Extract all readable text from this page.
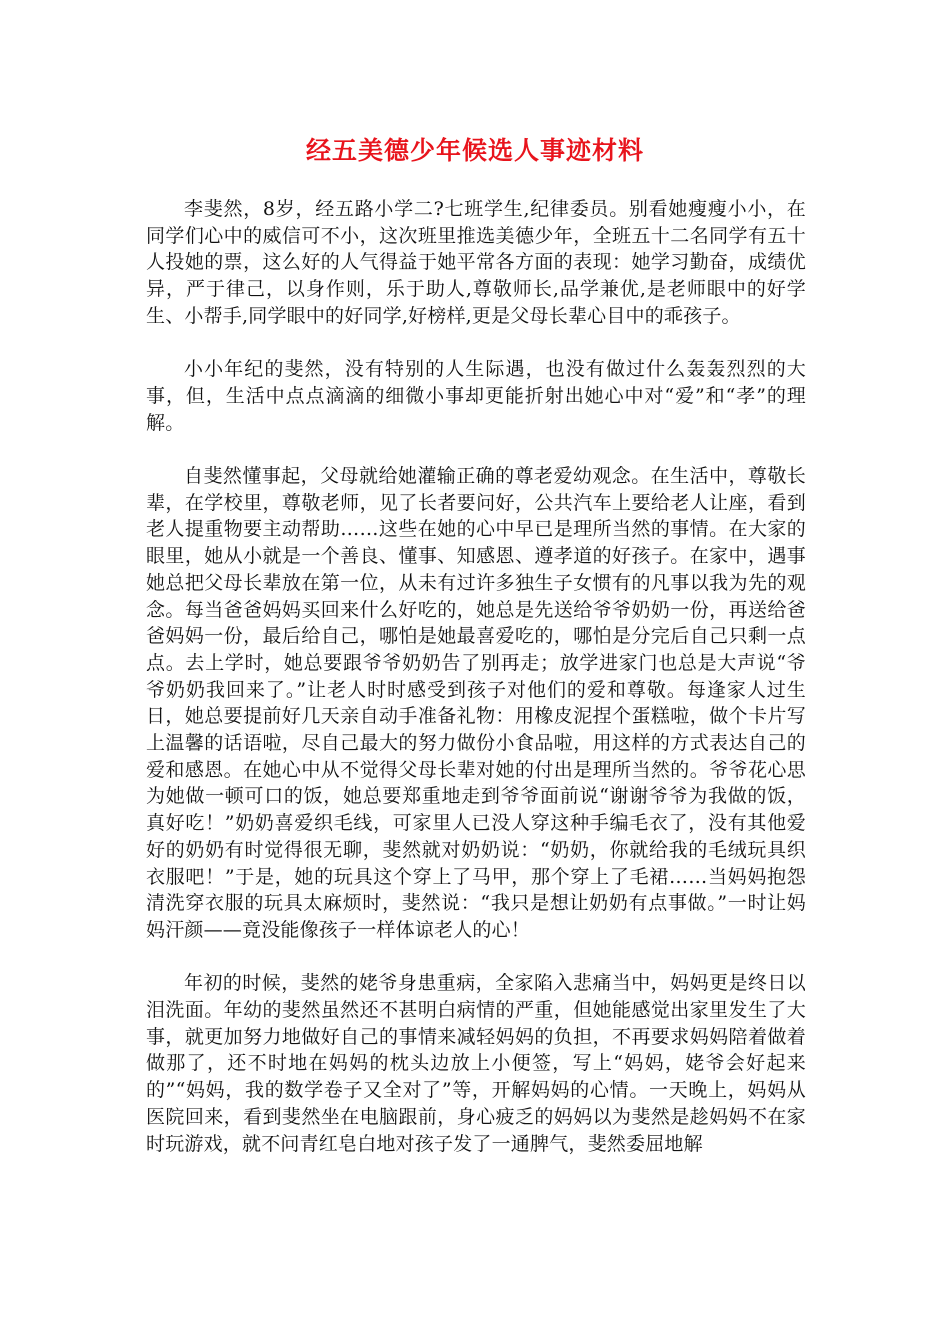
经五美德少年候选人事迹材料

李斐然，8岁，经五路小学二?七班学生,纪律委员。别看她瘦瘦小小，在同学们心中的威信可不小，这次班里推选美德少年，全班五十二名同学有五十人投她的票，这么好的人气得益于她平常各方面的表现：她学习勤奋，成绩优异，严于律己，以身作则，乐于助人,尊敬师长,品学兼优,是老师眼中的好学生、小帮手,同学眼中的好同学,好榜样,更是父母长辈心目中的乖孩子。

小小年纪的斐然，没有特别的人生际遇，也没有做过什么轰轰烈烈的大事，但，生活中点点滴滴的细微小事却更能折射出她心中对“爱”和“孝”的理解。

自斐然懂事起，父母就给她灌输正确的尊老爱幼观念。在生活中，尊敬长辈，在学校里，尊敬老师，见了长者要问好，公共汽车上要给老人让座，看到老人提重物要主动帮助……这些在她的心中早已是理所当然的事情。在大家的眼里，她从小就是一个善良、懂事、知感恩、遵孝道的好孩子。在家中，遇事她总把父母长辈放在第一位，从未有过许多独生子女惯有的凡事以我为先的观念。每当爸爸妈妈买回来什么好吃的，她总是先送给爷爷奶奶一份，再送给爸爸妈妈一份，最后给自己，哪怕是她最喜爱吃的，哪怕是分完后自己只剩一点点。去上学时，她总要跟爷爷奶奶告了别再走；放学进家门也总是大声说“爷爷奶奶我回来了。”让老人时时感受到孩子对他们的爱和尊敬。每逢家人过生日，她总要提前好几天亲自动手准备礼物：用橡皮泥捏个蛋糕啦，做个卡片写上温馨的话语啦，尽自己最大的努力做份小食品啦，用这样的方式表达自己的爱和感恩。在她心中从不觉得父母长辈对她的付出是理所当然的。爷爷花心思为她做一顿可口的饭，她总要郑重地走到爷爷面前说“谢谢爷爷为我做的饭，真好吃！”奶奶喜爱织毛线，可家里人已没人穿这种手编毛衣了，没有其他爱好的奶奶有时觉得很无聊，斐然就对奶奶说：“奶奶，你就给我的毛绒玩具织衣服吧！”于是，她的玩具这个穿上了马甲，那个穿上了毛裙……当妈妈抱怨清洗穿衣服的玩具太麻烦时，斐然说：“我只是想让奶奶有点事做。”一时让妈妈汗颜——竟没能像孩子一样体谅老人的心！

年初的时候，斐然的姥爷身患重病，全家陷入悲痛当中，妈妈更是终日以泪洗面。年幼的斐然虽然还不甚明白病情的严重，但她能感觉出家里发生了大事，就更加努力地做好自己的事情来减轻妈妈的负担，不再要求妈妈陪着做着做那了，还不时地在妈妈的枕头边放上小便签，写上“妈妈，姥爷会好起来的”“妈妈，我的数学卷子又全对了”等，开解妈妈的心情。一天晚上，妈妈从医院回来，看到斐然坐在电脑跟前，身心疲乏的妈妈以为斐然是趁妈妈不在家时玩游戏，就不问青红皂白地对孩子发了一通脾气，斐然委屈地解
